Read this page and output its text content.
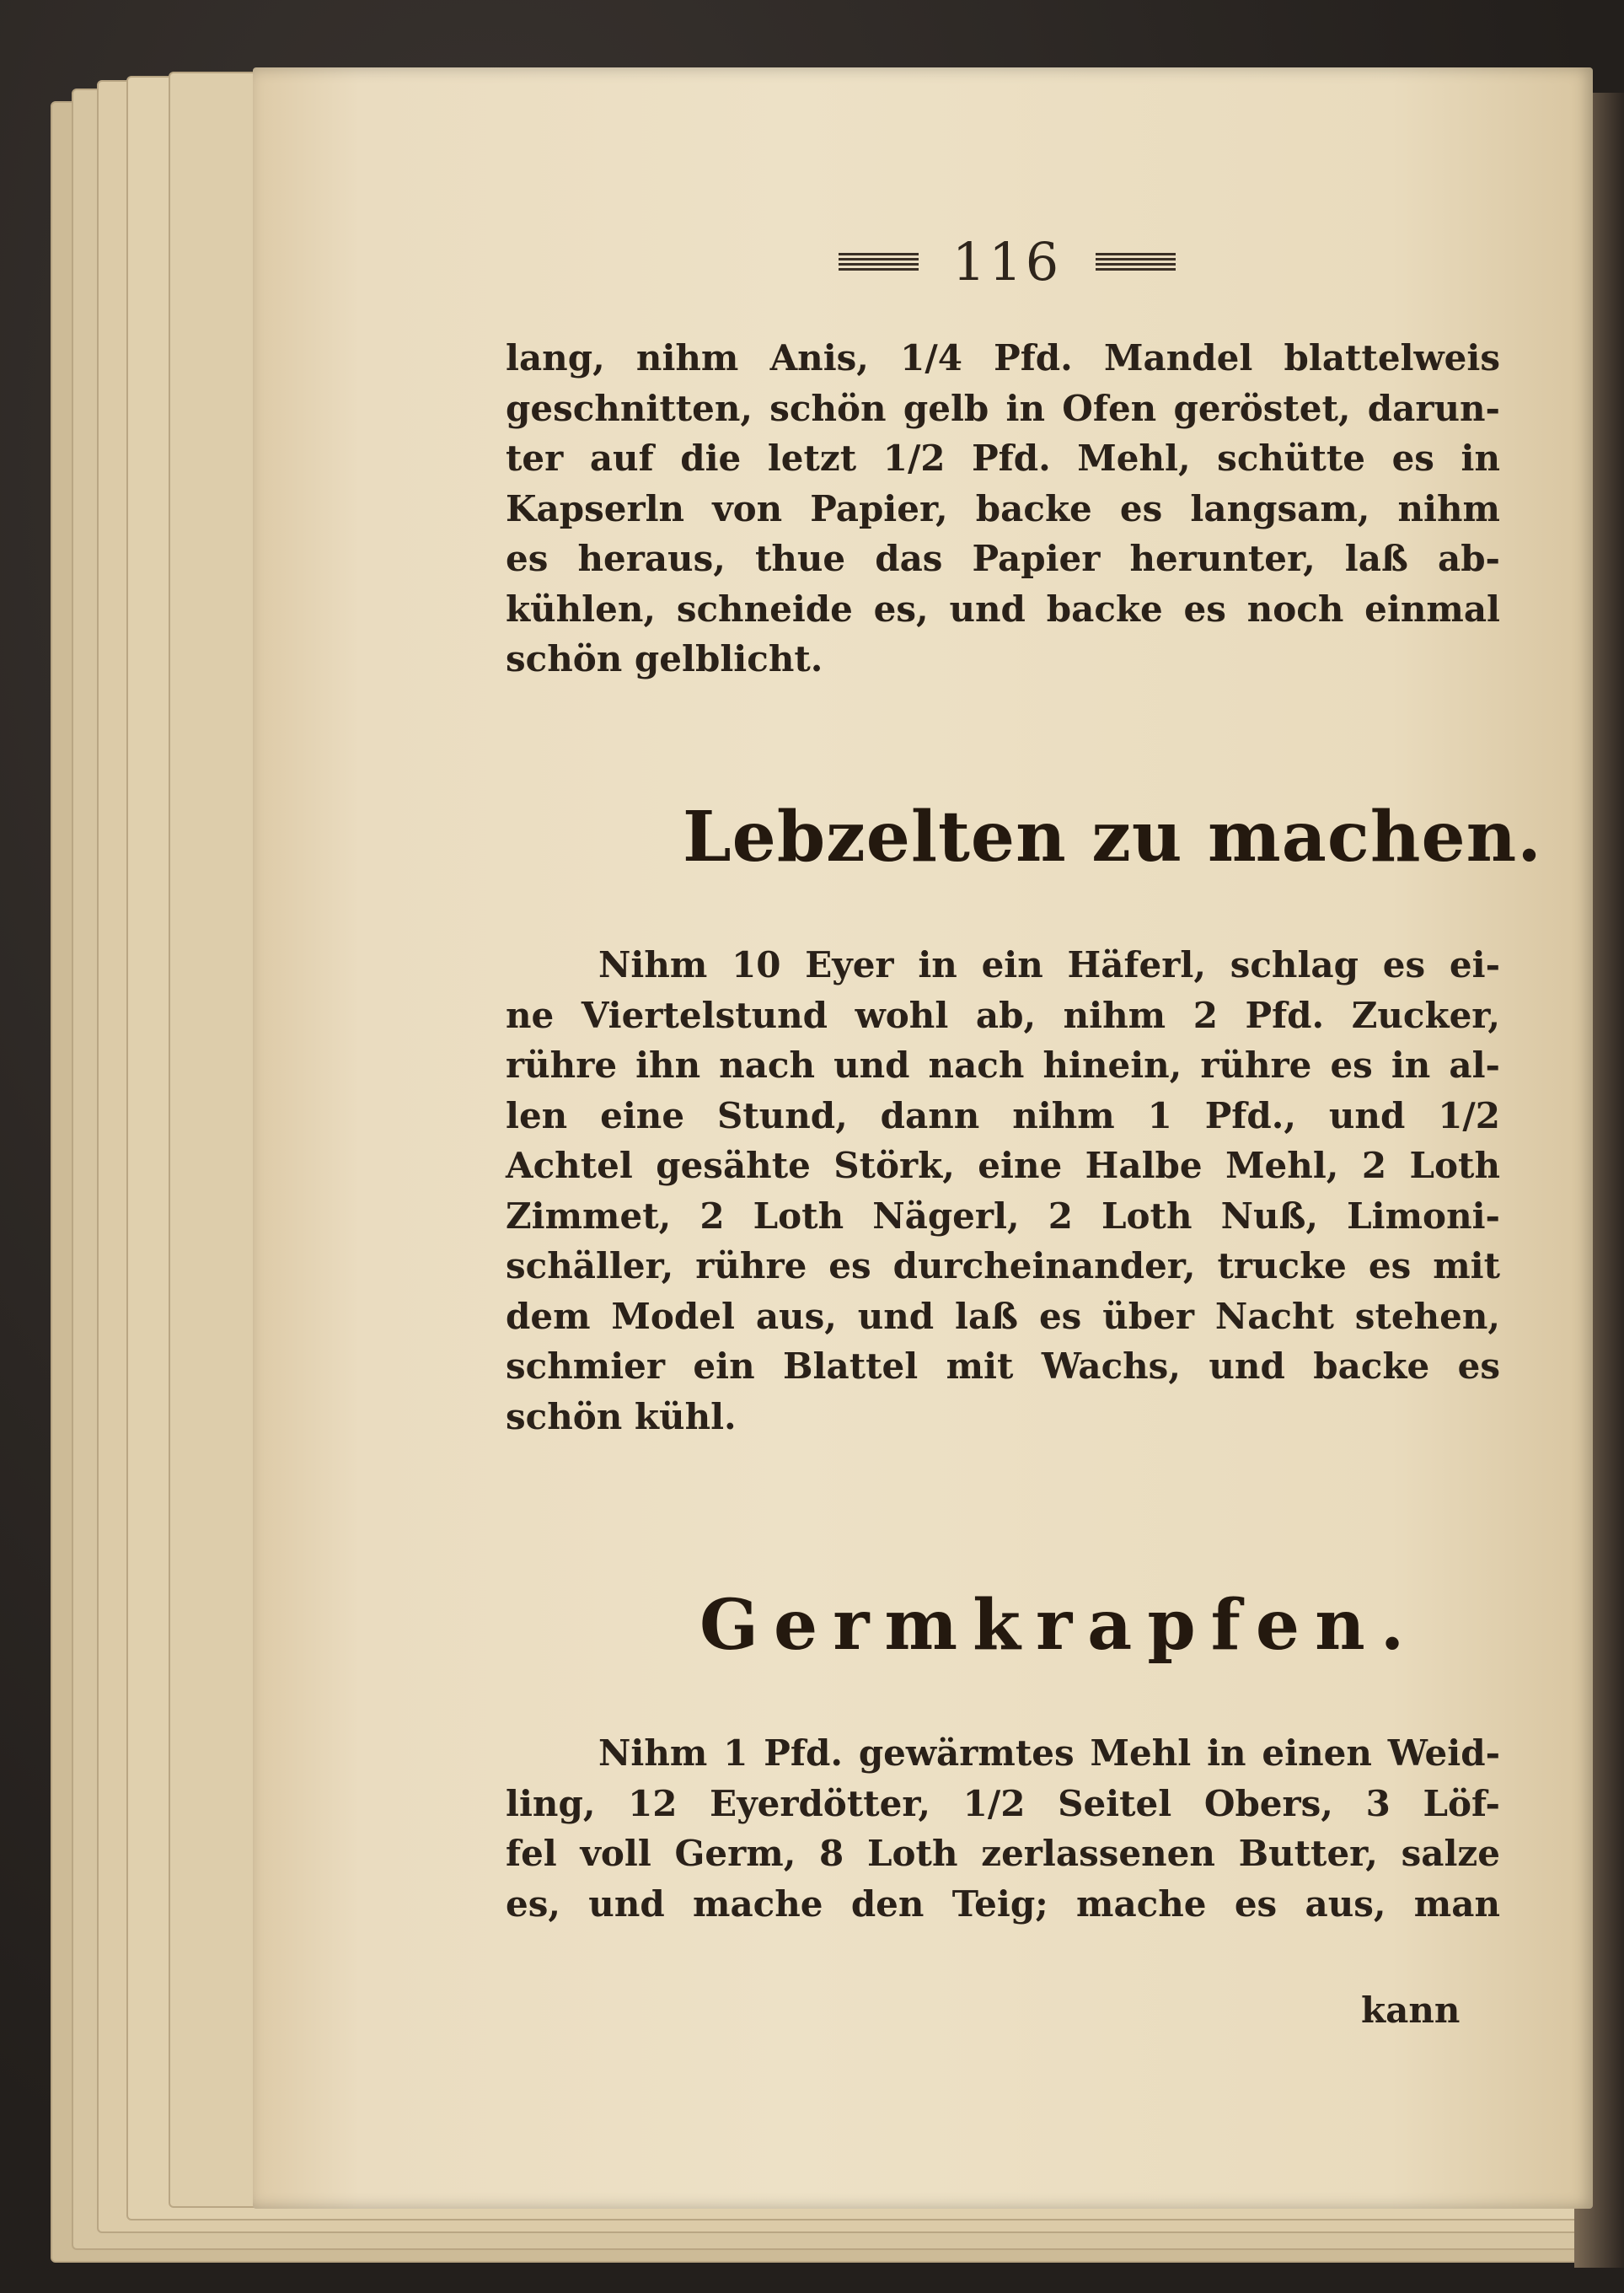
116
lang, nihm Anis, 1/4 Pfd. Mandel blattelweis
geschnitten, schön gelb in Ofen geröstet, darun-
ter auf die letzt 1/2 Pfd. Mehl, schütte es in
Kapserln von Papier, backe es langsam, nihm
es heraus, thue das Papier herunter, laß ab-
kühlen, schneide es, und backe es noch einmal
schön gelblicht.
Lebzelten zu machen.
Nihm 10 Eyer in ein Häferl, schlag es ei-
ne Viertelstund wohl ab, nihm 2 Pfd. Zucker,
rühre ihn nach und nach hinein, rühre es in al-
len eine Stund, dann nihm 1 Pfd., und 1/2
Achtel gesähte Störk, eine Halbe Mehl, 2 Loth
Zimmet, 2 Loth Nägerl, 2 Loth Nuß, Limoni-
schäller, rühre es durcheinander, trucke es mit
dem Model aus, und laß es über Nacht stehen,
schmier ein Blattel mit Wachs, und backe es
schön kühl.
Germkrapfen.
Nihm 1 Pfd. gewärmtes Mehl in einen Weid-
ling, 12 Eyerdötter, 1/2 Seitel Obers, 3 Löf-
fel voll Germ, 8 Loth zerlassenen Butter, salze
es, und mache den Teig; mache es aus, man
kann
